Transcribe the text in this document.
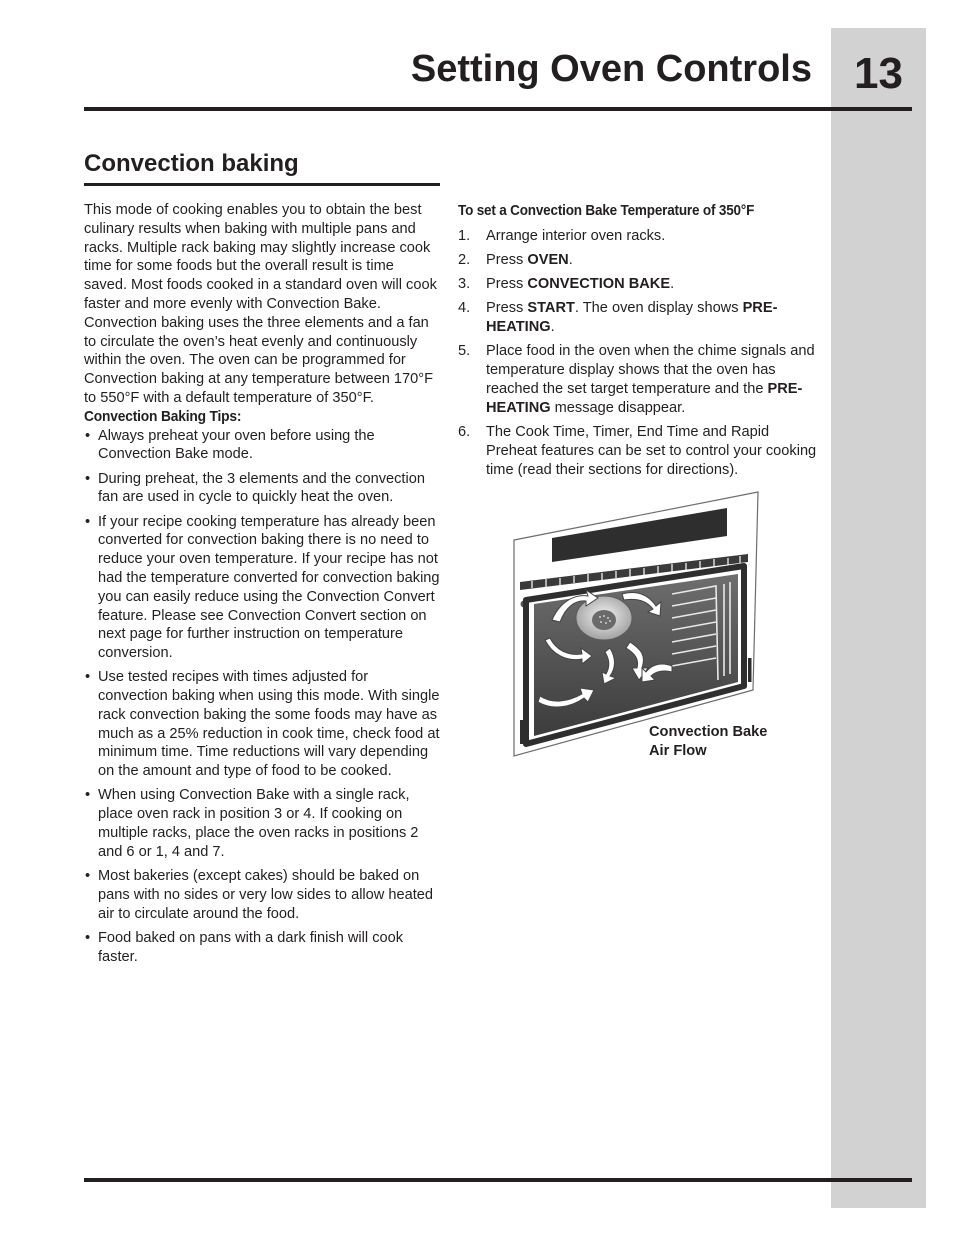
13
Setting Oven Controls
Convection baking

This mode of cooking enables you to obtain the best culinary results when baking with multiple pans and racks. Multiple rack baking may slightly increase cook time for some foods but the overall result is time saved. Most foods cooked in a standard oven will cook faster and more evenly with Convection Bake. Convection baking uses the three elements and a fan to circulate the oven’s heat evenly and continuously within the oven. The oven can be programmed for Convection baking at any temperature between 170°F to 550°F with a default temperature of 350°F.

Convection Baking Tips:

• Always preheat your oven before using the Convection Bake mode.
• During preheat, the 3 elements and the convection fan are used in cycle to quickly heat the oven.
• If your recipe cooking temperature has already been converted for convection baking there is no need to reduce your oven temperature. If your recipe has not had the temperature converted for convection baking you can easily reduce using the Convection Convert feature. Please see Convection Convert section on next page for further instruction on temperature conversion.
• Use tested recipes with times adjusted for convection baking when using this mode. With single rack convection baking the some foods may have as much as a 25% reduction in cook time, check food at minimum time. Time reductions will vary depending on the amount and type of food to be cooked.
• When using Convection Bake with a single rack, place oven rack in position 3 or 4. If cooking on multiple racks, place the oven racks in positions 2 and 6 or 1, 4 and 7.
• Most bakeries (except cakes) should be baked on pans with no sides or very low sides to allow heated air to circulate around the food.
• Food baked on pans with a dark finish will cook faster.

To set a Convection Bake Temperature of 350°F

1. Arrange interior oven racks.
2. Press OVEN.
3. Press CONVECTION BAKE.
4. Press START. The oven display shows PRE-HEATING.
5. Place food in the oven when the chime signals and temperature display shows that the oven has reached the set target temperature and the PRE-HEATING message disappear.
6. The Cook Time, Timer, End Time and Rapid Preheat features can be set to control your cooking time (read their sections for directions).
Convection Bake
Air Flow
